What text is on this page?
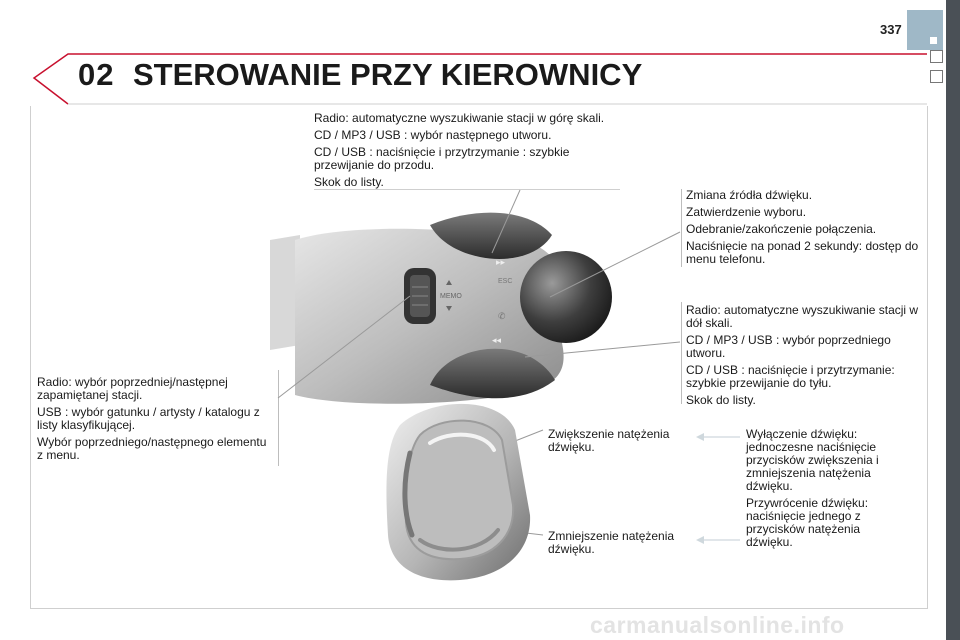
337
02 STEROWANIE PRZY KIEROWNICY

Radio: automatyczne wyszukiwanie stacji w górę skali.

CD / MP3 / USB : wybór następnego utworu.

CD / USB : naciśnięcie i przytrzymanie : szybkie przewijanie do przodu.

Skok do listy.

Zmiana źródła dźwięku.

Zatwierdzenie wyboru.

Odebranie/zakończenie połączenia.

Naciśnięcie na ponad 2 sekundy: dostęp do menu telefonu.

Radio: automatyczne wyszukiwanie stacji w dół skali.

CD / MP3 / USB : wybór poprzedniego utworu.

CD / USB : naciśnięcie i przytrzymanie: szybkie przewijanie do tyłu.

Skok do listy.

Radio: wybór poprzedniej/następnej zapamiętanej stacji.

USB : wybór gatunku / artysty / katalogu z listy klasyfikującej.

Wybór poprzedniego/następnego elementu z menu.

Zwiększenie natężenia dźwięku.

Zmniejszenie natężenia dźwięku.

Wyłączenie dźwięku: jednoczesne naciśnięcie przycisków zwiększenia i zmniejszenia natężenia dźwięku.

Przywrócenie dźwięku: naciśnięcie jednego z przycisków natężenia dźwięku.

MEMO
ESC
▸▸
◂◂
✆
carmanualsonline.info
